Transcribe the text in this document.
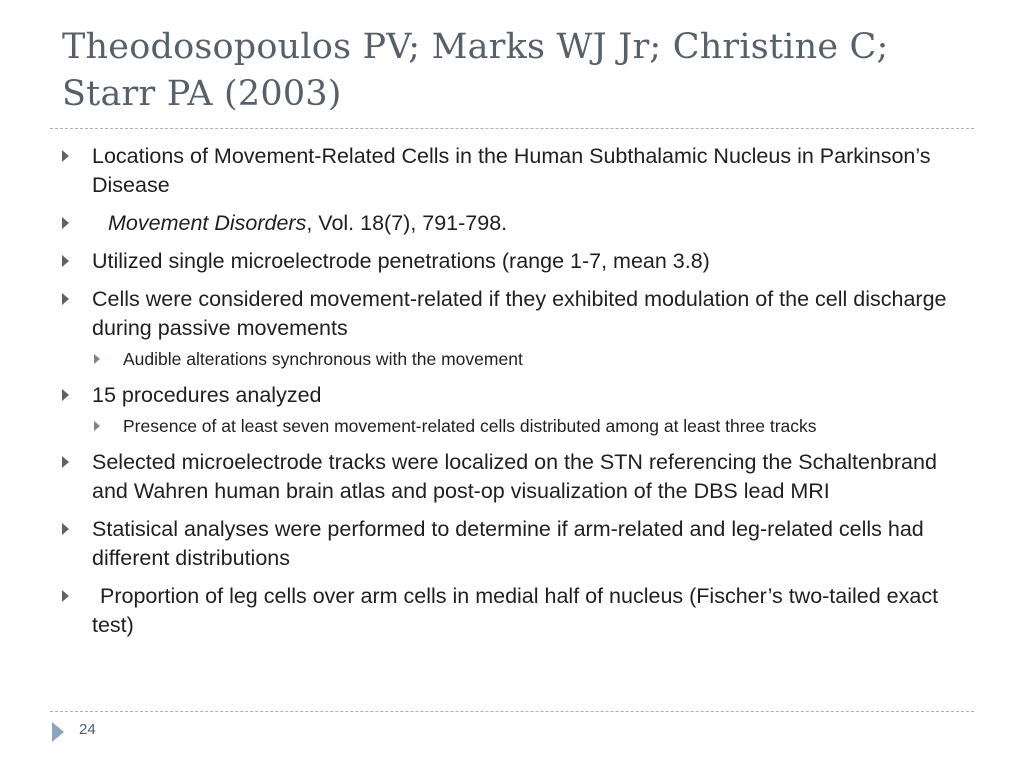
Theodosopoulos PV; Marks WJ Jr; Christine C; Starr PA (2003)
Locations of Movement-Related Cells in the Human Subthalamic Nucleus in Parkinson’s Disease
Movement Disorders, Vol. 18(7), 791-798.
Utilized single microelectrode penetrations (range 1-7, mean 3.8)
Cells were considered movement-related if they exhibited modulation of the cell discharge during passive movements
Audible alterations synchronous with the movement
15 procedures analyzed
Presence of at least seven movement-related cells distributed among at least three tracks
Selected microelectrode tracks were localized on the STN referencing the Schaltenbrand and Wahren human brain atlas and post-op visualization of the DBS lead MRI
Statisical analyses were performed to determine if arm-related and leg-related cells had different distributions
Proportion of leg cells over arm cells in medial half of nucleus (Fischer’s two-tailed exact test)
24
